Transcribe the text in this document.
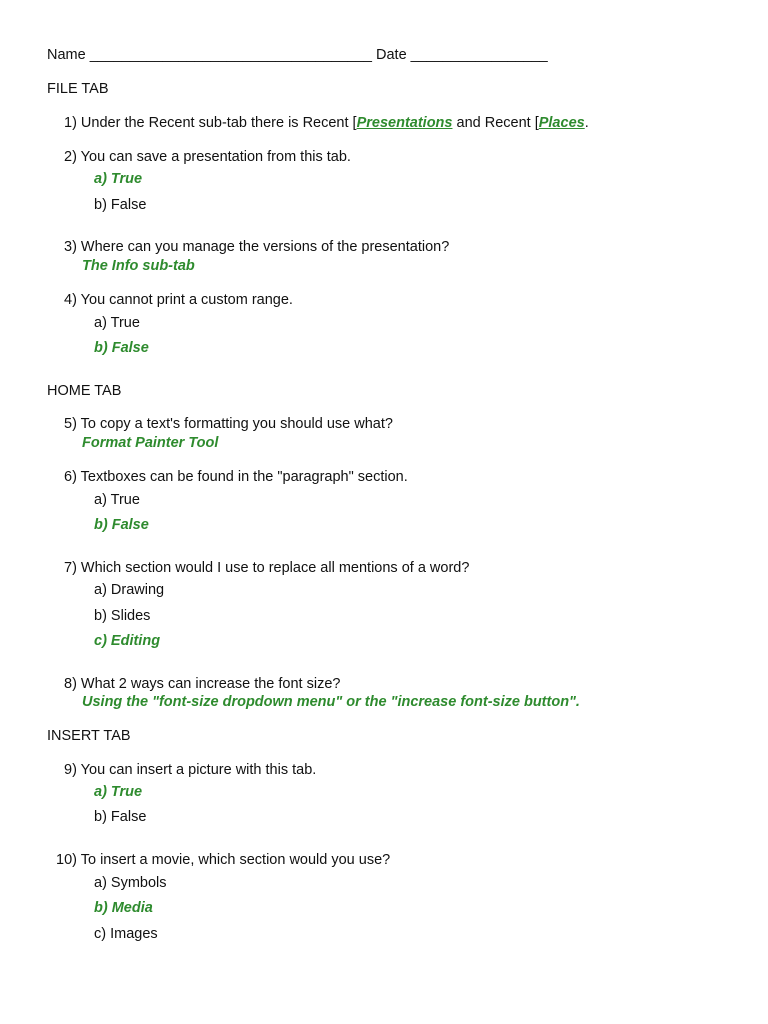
Name ___________________________________ Date _________________
FILE TAB
1) Under the Recent sub-tab there is Recent [Presentations and Recent [Places.
2) You can save a presentation from this tab.
a) True
b) False
3) Where can you manage the versions of the presentation?
The Info sub-tab
4) You cannot print a custom range.
a) True
b) False
HOME TAB
5) To copy a text's formatting you should use what?
Format Painter Tool
6) Textboxes can be found in the "paragraph" section.
a) True
b) False
7) Which section would I use to replace all mentions of a word?
a) Drawing
b) Slides
c) Editing
8) What 2 ways can increase the font size?
Using the "font-size dropdown menu" or the "increase font-size button".
INSERT TAB
9) You can insert a picture with this tab.
a) True
b) False
10) To insert a movie, which section would you use?
a) Symbols
b) Media
c) Images
